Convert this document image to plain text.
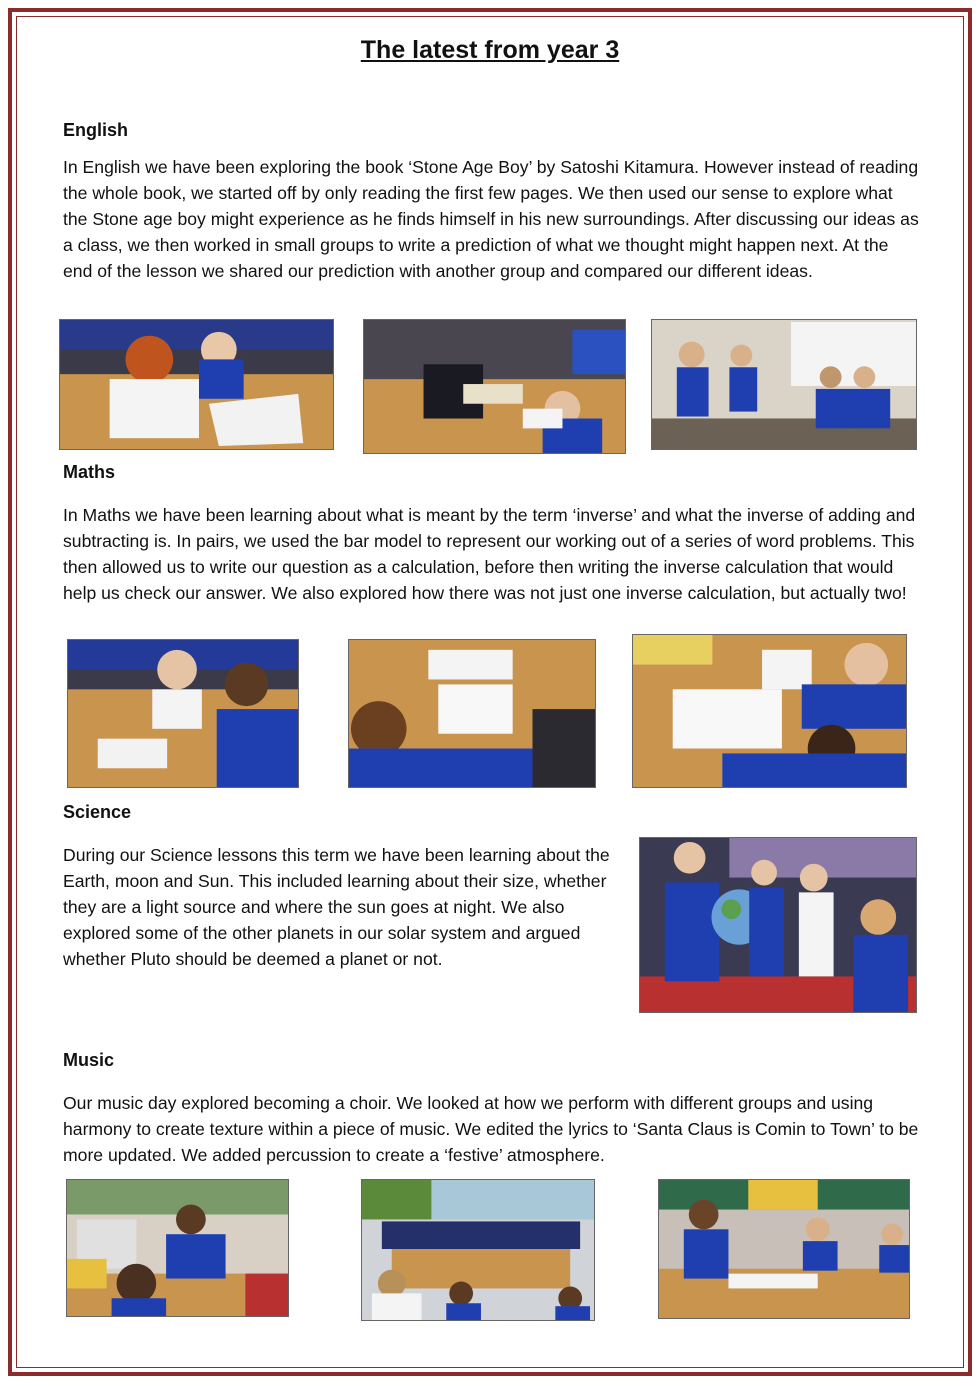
The latest from year 3
English

In English we have been exploring the book ‘Stone Age Boy’ by Satoshi Kitamura. However instead of reading the whole book, we started off by only reading the first few pages. We then used our sense to explore what the Stone age boy might experience as he finds himself in his new surroundings. After discussing our ideas as a class, we then worked in small groups to write a prediction of what we thought might happen next. At the end of the lesson we shared our prediction with another group and compared our different ideas.

Maths

In Maths we have been learning about what is meant by the term ‘inverse’ and what the inverse of adding and subtracting is. In pairs, we used the bar model to represent our working out of a series of word problems. This then allowed us to write our question as a calculation, before then writing the inverse calculation that would help us check our answer. We also explored how there was not just one inverse calculation, but actually two!

Science

During our Science lessons this term we have been learning about the Earth, moon and Sun. This included learning about their size, whether they are a light source and where the sun goes at night. We also explored some of the other planets in our solar system and argued whether Pluto should be deemed a planet or not.

Music

Our music day explored becoming a choir. We looked at how we perform with different groups and using harmony to create texture within a piece of music. We edited the lyrics to ‘Santa Claus is Comin to Town’ to be more updated. We added percussion to create a ‘festive’ atmosphere.
